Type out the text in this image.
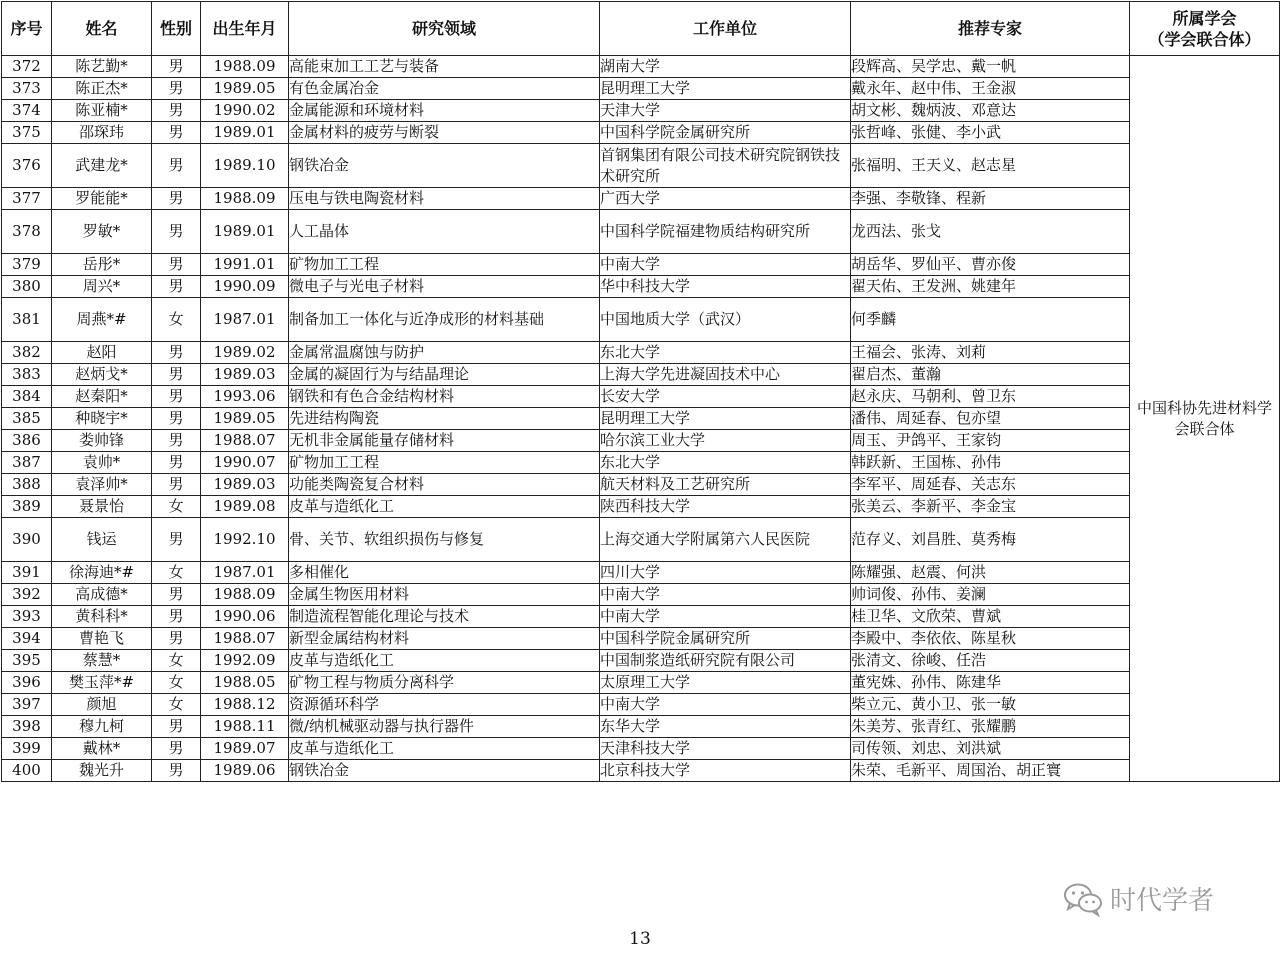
序号	姓名	性别	出生年月	研究领域	工作单位	推荐专家	所属学会
（学会联合体）
372	陈艺勤*	男	1988.09	高能束加工工艺与装备	湖南大学	段辉高、吴学忠、戴一帆	中国科协先进材料学会联合体
373	陈正杰*	男	1989.05	有色金属冶金	昆明理工大学	戴永年、赵中伟、王金淑	
374	陈亚楠*	男	1990.02	金属能源和环境材料	天津大学	胡文彬、魏炳波、邓意达	
375	邵琛玮	男	1989.01	金属材料的疲劳与断裂	中国科学院金属研究所	张哲峰、张健、李小武	
376	武建龙*	男	1989.10	钢铁冶金	首钢集团有限公司技术研究院钢铁技术研究所	张福明、王天义、赵志星	
377	罗能能*	男	1988.09	压电与铁电陶瓷材料	广西大学	李强、李敬锋、程新	
378	罗敏*	男	1989.01	人工晶体	中国科学院福建物质结构研究所	龙西法、张戈	
379	岳彤*	男	1991.01	矿物加工工程	中南大学	胡岳华、罗仙平、曹亦俊	
380	周兴*	男	1990.09	微电子与光电子材料	华中科技大学	翟天佑、王发洲、姚建年	
381	周燕*#	女	1987.01	制备加工一体化与近净成形的材料基础	中国地质大学（武汉）	何季麟	
382	赵阳	男	1989.02	金属常温腐蚀与防护	东北大学	王福会、张涛、刘莉	
383	赵炳戈*	男	1989.03	金属的凝固行为与结晶理论	上海大学先进凝固技术中心	翟启杰、董瀚	
384	赵秦阳*	男	1993.06	钢铁和有色合金结构材料	长安大学	赵永庆、马朝利、曾卫东	
385	种晓宇*	男	1989.05	先进结构陶瓷	昆明理工大学	潘伟、周延春、包亦望	
386	娄帅锋	男	1988.07	无机非金属能量存储材料	哈尔滨工业大学	周玉、尹鸽平、王家钧	
387	袁帅*	男	1990.07	矿物加工工程	东北大学	韩跃新、王国栋、孙伟	
388	袁泽帅*	男	1989.03	功能类陶瓷复合材料	航天材料及工艺研究所	李军平、周延春、关志东	
389	聂景怡	女	1989.08	皮革与造纸化工	陕西科技大学	张美云、李新平、李金宝	
390	钱运	男	1992.10	骨、关节、软组织损伤与修复	上海交通大学附属第六人民医院	范存义、刘昌胜、莫秀梅	
391	徐海迪*#	女	1987.01	多相催化	四川大学	陈耀强、赵震、何洪	
392	高成德*	男	1988.09	金属生物医用材料	中南大学	帅词俊、孙伟、姜澜	
393	黄科科*	男	1990.06	制造流程智能化理论与技术	中南大学	桂卫华、文欣荣、曹斌	
394	曹艳飞	男	1988.07	新型金属结构材料	中国科学院金属研究所	李殿中、李依依、陈星秋	
395	蔡慧*	女	1992.09	皮革与造纸化工	中国制浆造纸研究院有限公司	张清文、徐峻、任浩	
396	樊玉萍*#	女	1988.05	矿物工程与物质分离科学	太原理工大学	董宪姝、孙伟、陈建华	
397	颜旭	女	1988.12	资源循环科学	中南大学	柴立元、黄小卫、张一敏	
398	穆九柯	男	1988.11	微/纳机械驱动器与执行器件	东华大学	朱美芳、张青红、张耀鹏	
399	戴林*	男	1989.07	皮革与造纸化工	天津科技大学	司传领、刘忠、刘洪斌	
400	魏光升	男	1989.06	钢铁冶金	北京科技大学	朱荣、毛新平、周国治、胡正寰	
时代学者
13
